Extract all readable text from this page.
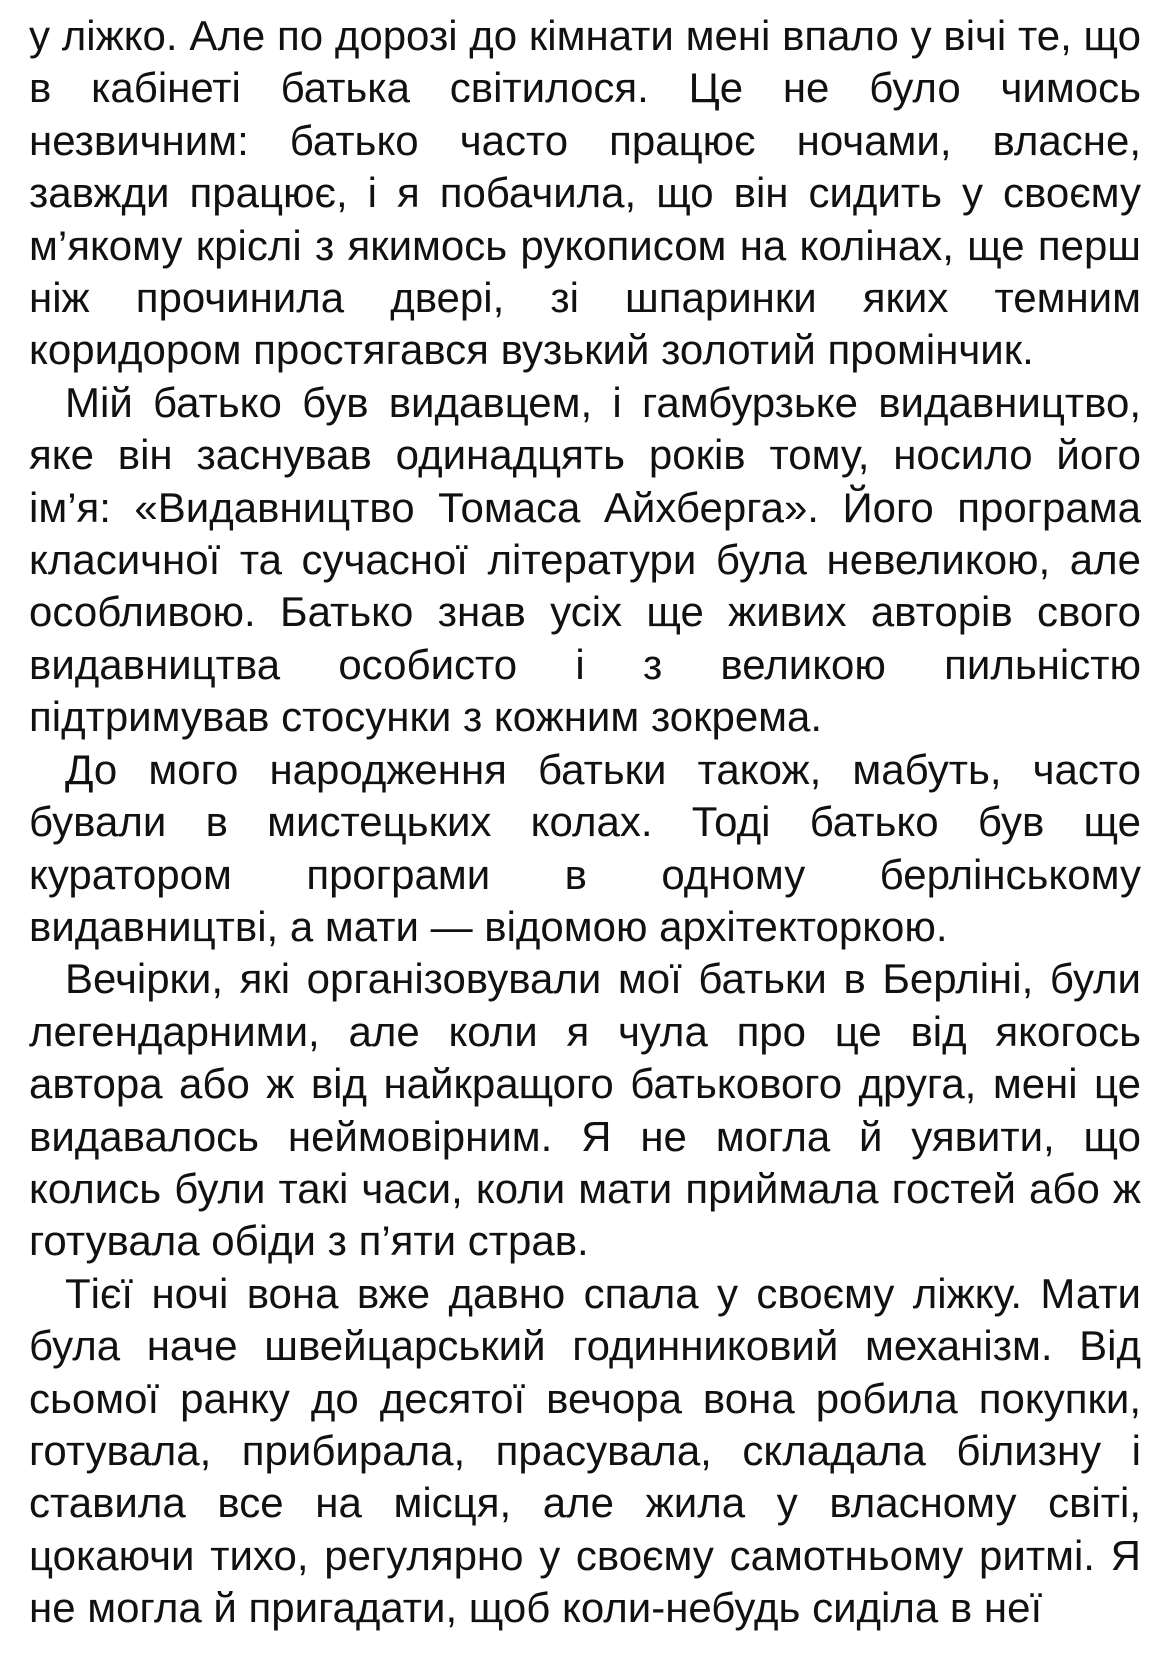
у ліжко. Але по дорозі до кімнати мені впало у вічі те, що в кабінеті батька світилося. Це не було чимось незвичним: батько часто працює ночами, власне, завжди працює, і я побачила, що він сидить у своєму м’якому кріслі з якимось рукописом на колінах, ще перш ніж прочинила двері, зі шпаринки яких темним коридором простягався вузький золотий промінчик.

Мій батько був видавцем, і гамбурзьке видавництво, яке він заснував одинадцять років тому, носило його ім’я: «Видавництво Томаса Айхберга». Його програма класичної та сучасної літератури була невеликою, але особливою. Батько знав усіх ще живих авторів свого видавництва особисто і з великою пильністю підтримував стосунки з кожним зокрема.

До мого народження батьки також, мабуть, часто бували в мистецьких колах. Тоді батько був ще куратором програми в одному берлінському видавництві, а мати — відомою архітекторкою.

Вечірки, які організовували мої батьки в Берліні, були легендарними, але коли я чула про це від якогось автора або ж від найкращого батькового друга, мені це видавалось неймовірним. Я не могла й уявити, що колись були такі часи, коли мати приймала гостей або ж готувала обіди з п’яти страв.

Тієї ночі вона вже давно спала у своєму ліжку. Мати була наче швейцарський годинниковий механізм. Від сьомої ранку до десятої вечора вона робила покупки, готувала, прибирала, прасувала, складала білизну і ставила все на місця, але жила у власному світі, цокаючи тихо, регулярно у своєму самотньому ритмі. Я не могла й пригадати, щоб коли-небудь сиділа в неї
